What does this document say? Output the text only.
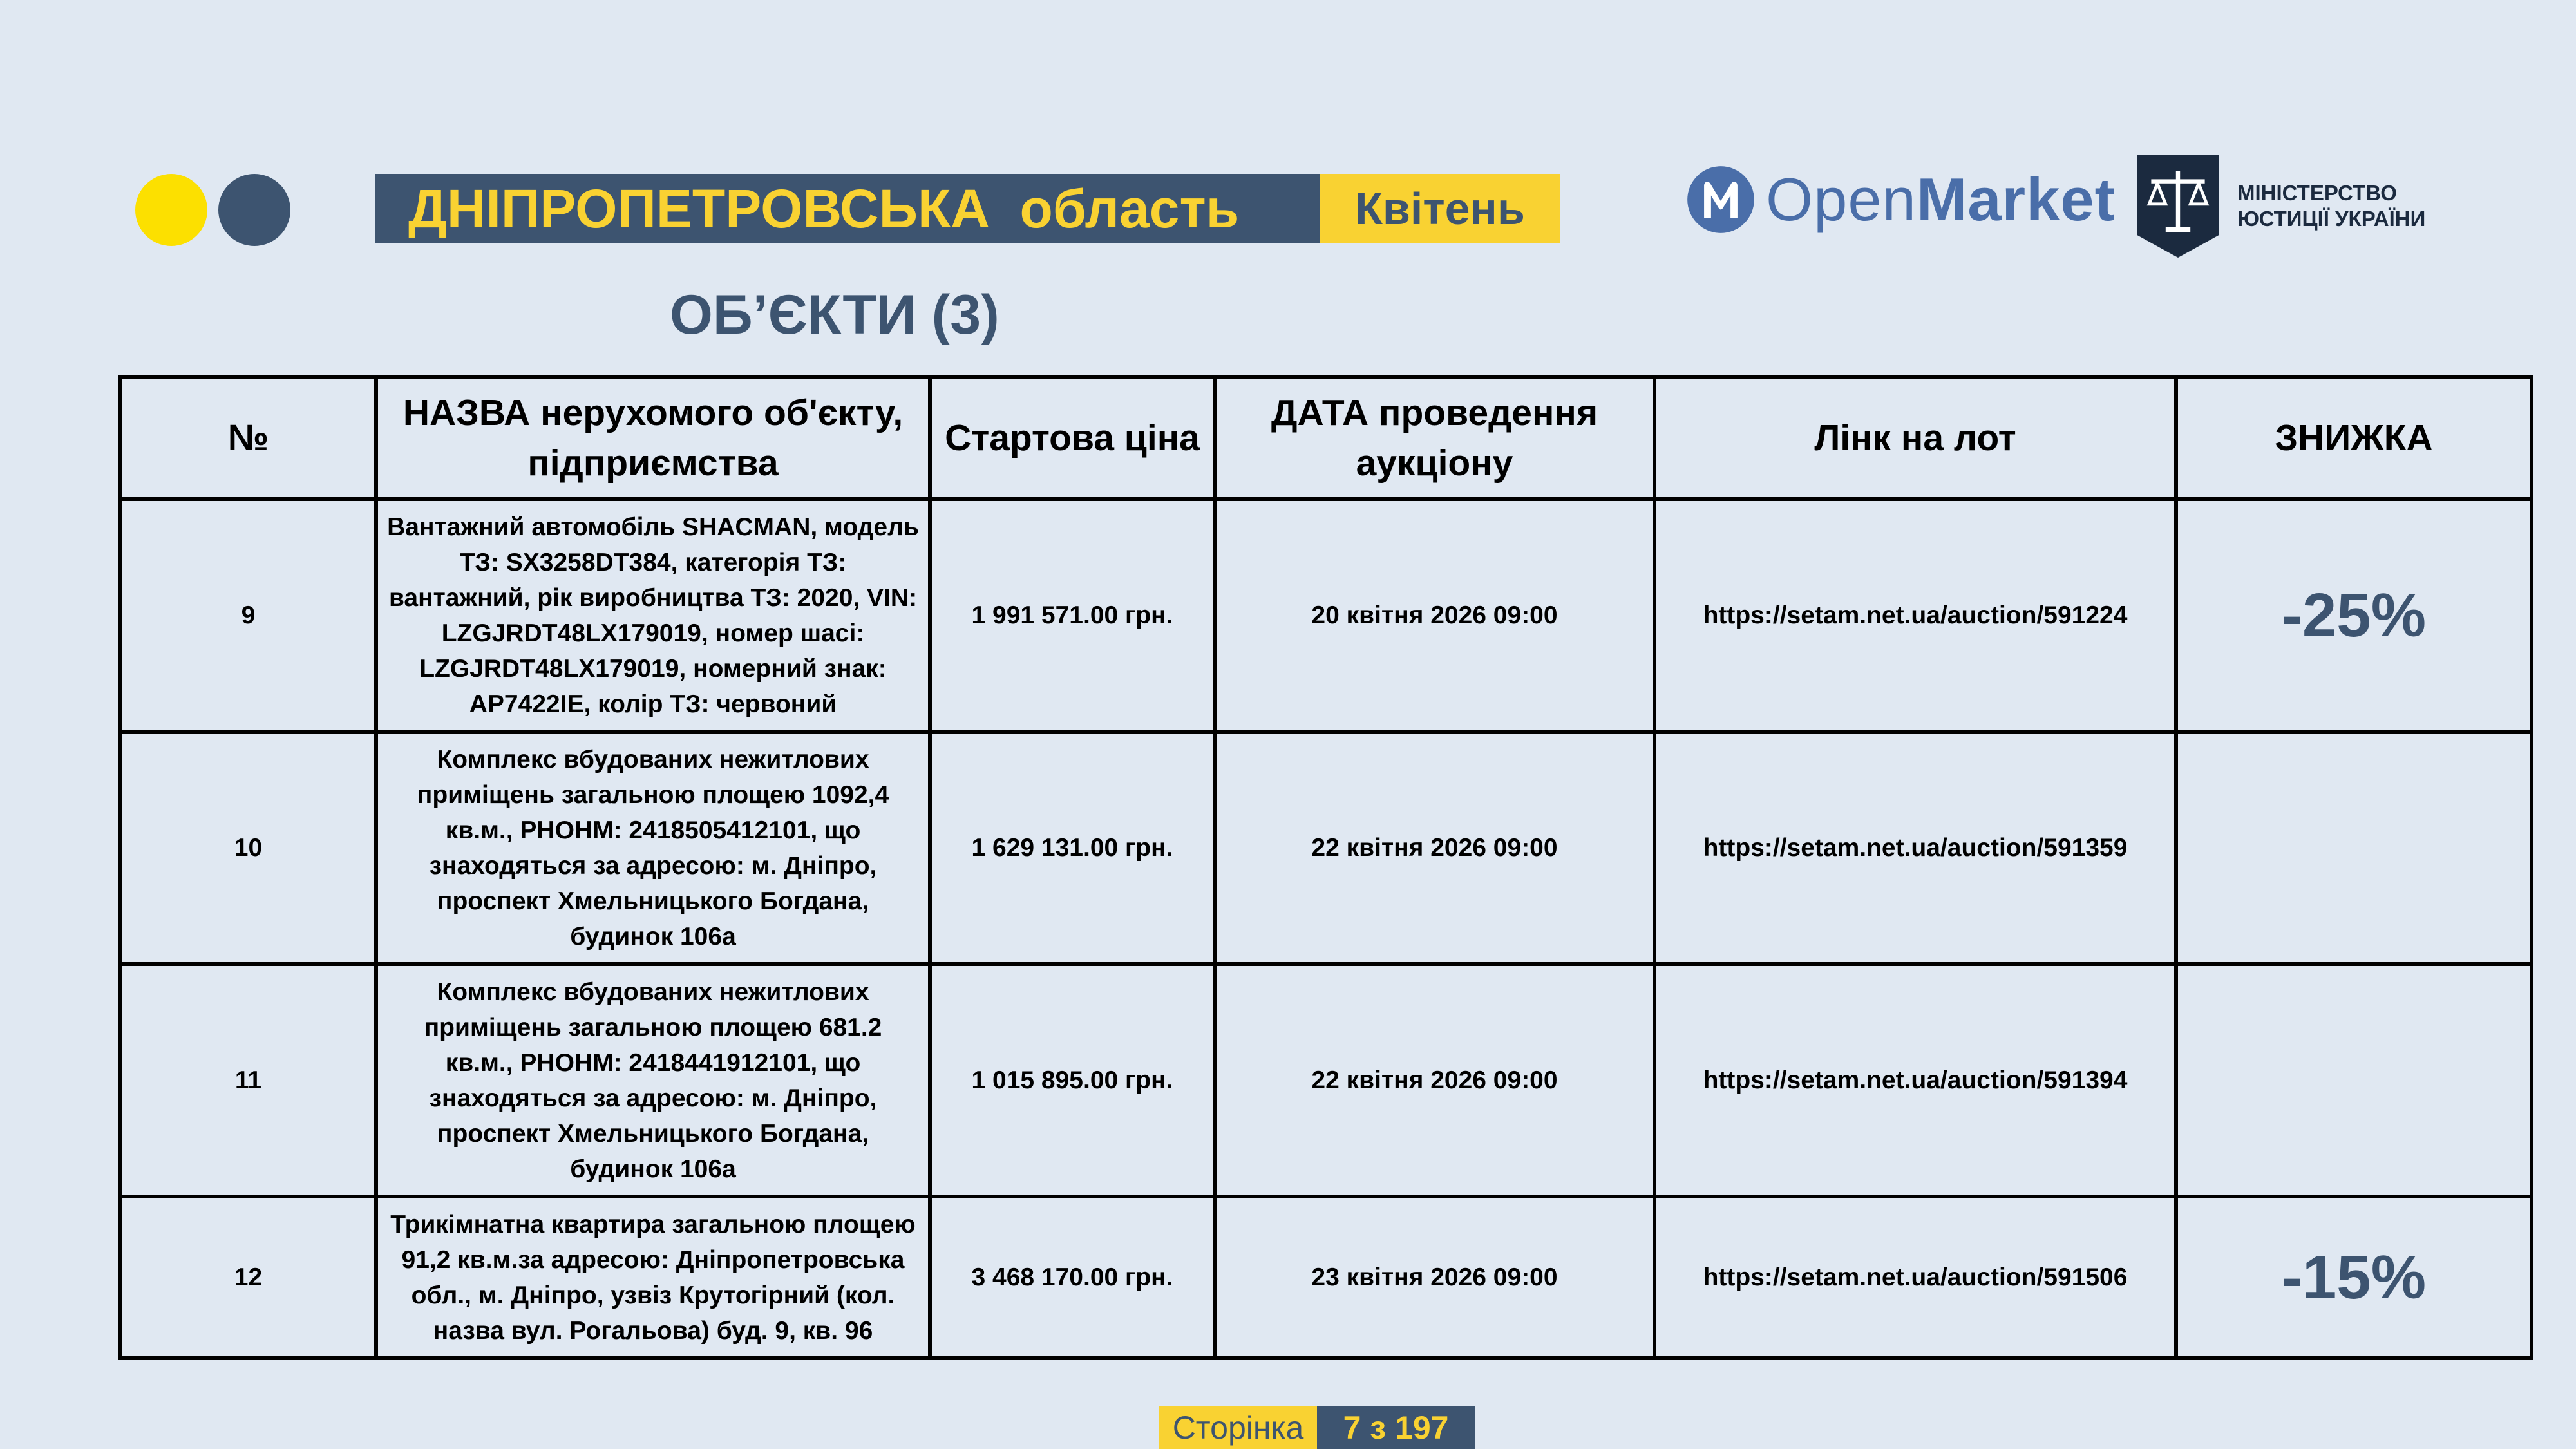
ДНІПРОПЕТРОВСЬКА  область	Квітень	OpenMarket	МІНІСТЕРСТВО
ЮСТИЦІЇ УКРАЇНИ
ОБ’ЄКТИ (3)
№	НАЗВА нерухомого об'єкту, підприємства	Стартова ціна	ДАТА проведення аукціону	Лінк на лот	ЗНИЖКА
9	Вантажний автомобіль SHACMAN, модель ТЗ: SX3258DT384, категорія ТЗ: вантажний, рік виробництва ТЗ: 2020, VIN: LZGJRDT48LX179019, номер шасі: LZGJRDT48LX179019, номерний знак: АР7422ІЕ, колір ТЗ: червоний	1 991 571.00 грн.	20 квітня 2026 09:00	https://setam.net.ua/auction/591224	-25%
10	Комплекс вбудованих нежитлових приміщень загальною площею 1092,4 кв.м., РНОНМ: 2418505412101, що знаходяться за адресою: м. Дніпро, проспект Хмельницького Богдана, будинок 106а	1 629 131.00 грн.	22 квітня 2026 09:00	https://setam.net.ua/auction/591359	
11	Комплекс вбудованих нежитлових приміщень загальною площею 681.2 кв.м., РНОНМ: 2418441912101, що знаходяться за адресою: м. Дніпро, проспект Хмельницького Богдана, будинок 106а	1 015 895.00 грн.	22 квітня 2026 09:00	https://setam.net.ua/auction/591394	
12	Трикімнатна квартира загальною площею 91,2 кв.м.за адресою: Дніпропетровська обл., м. Дніпро, узвіз Крутогірний (кол. назва вул. Рогальова) буд. 9, кв. 96	3 468 170.00 грн.	23 квітня 2026 09:00	https://setam.net.ua/auction/591506	-15%
Сторінка	7 з 197
